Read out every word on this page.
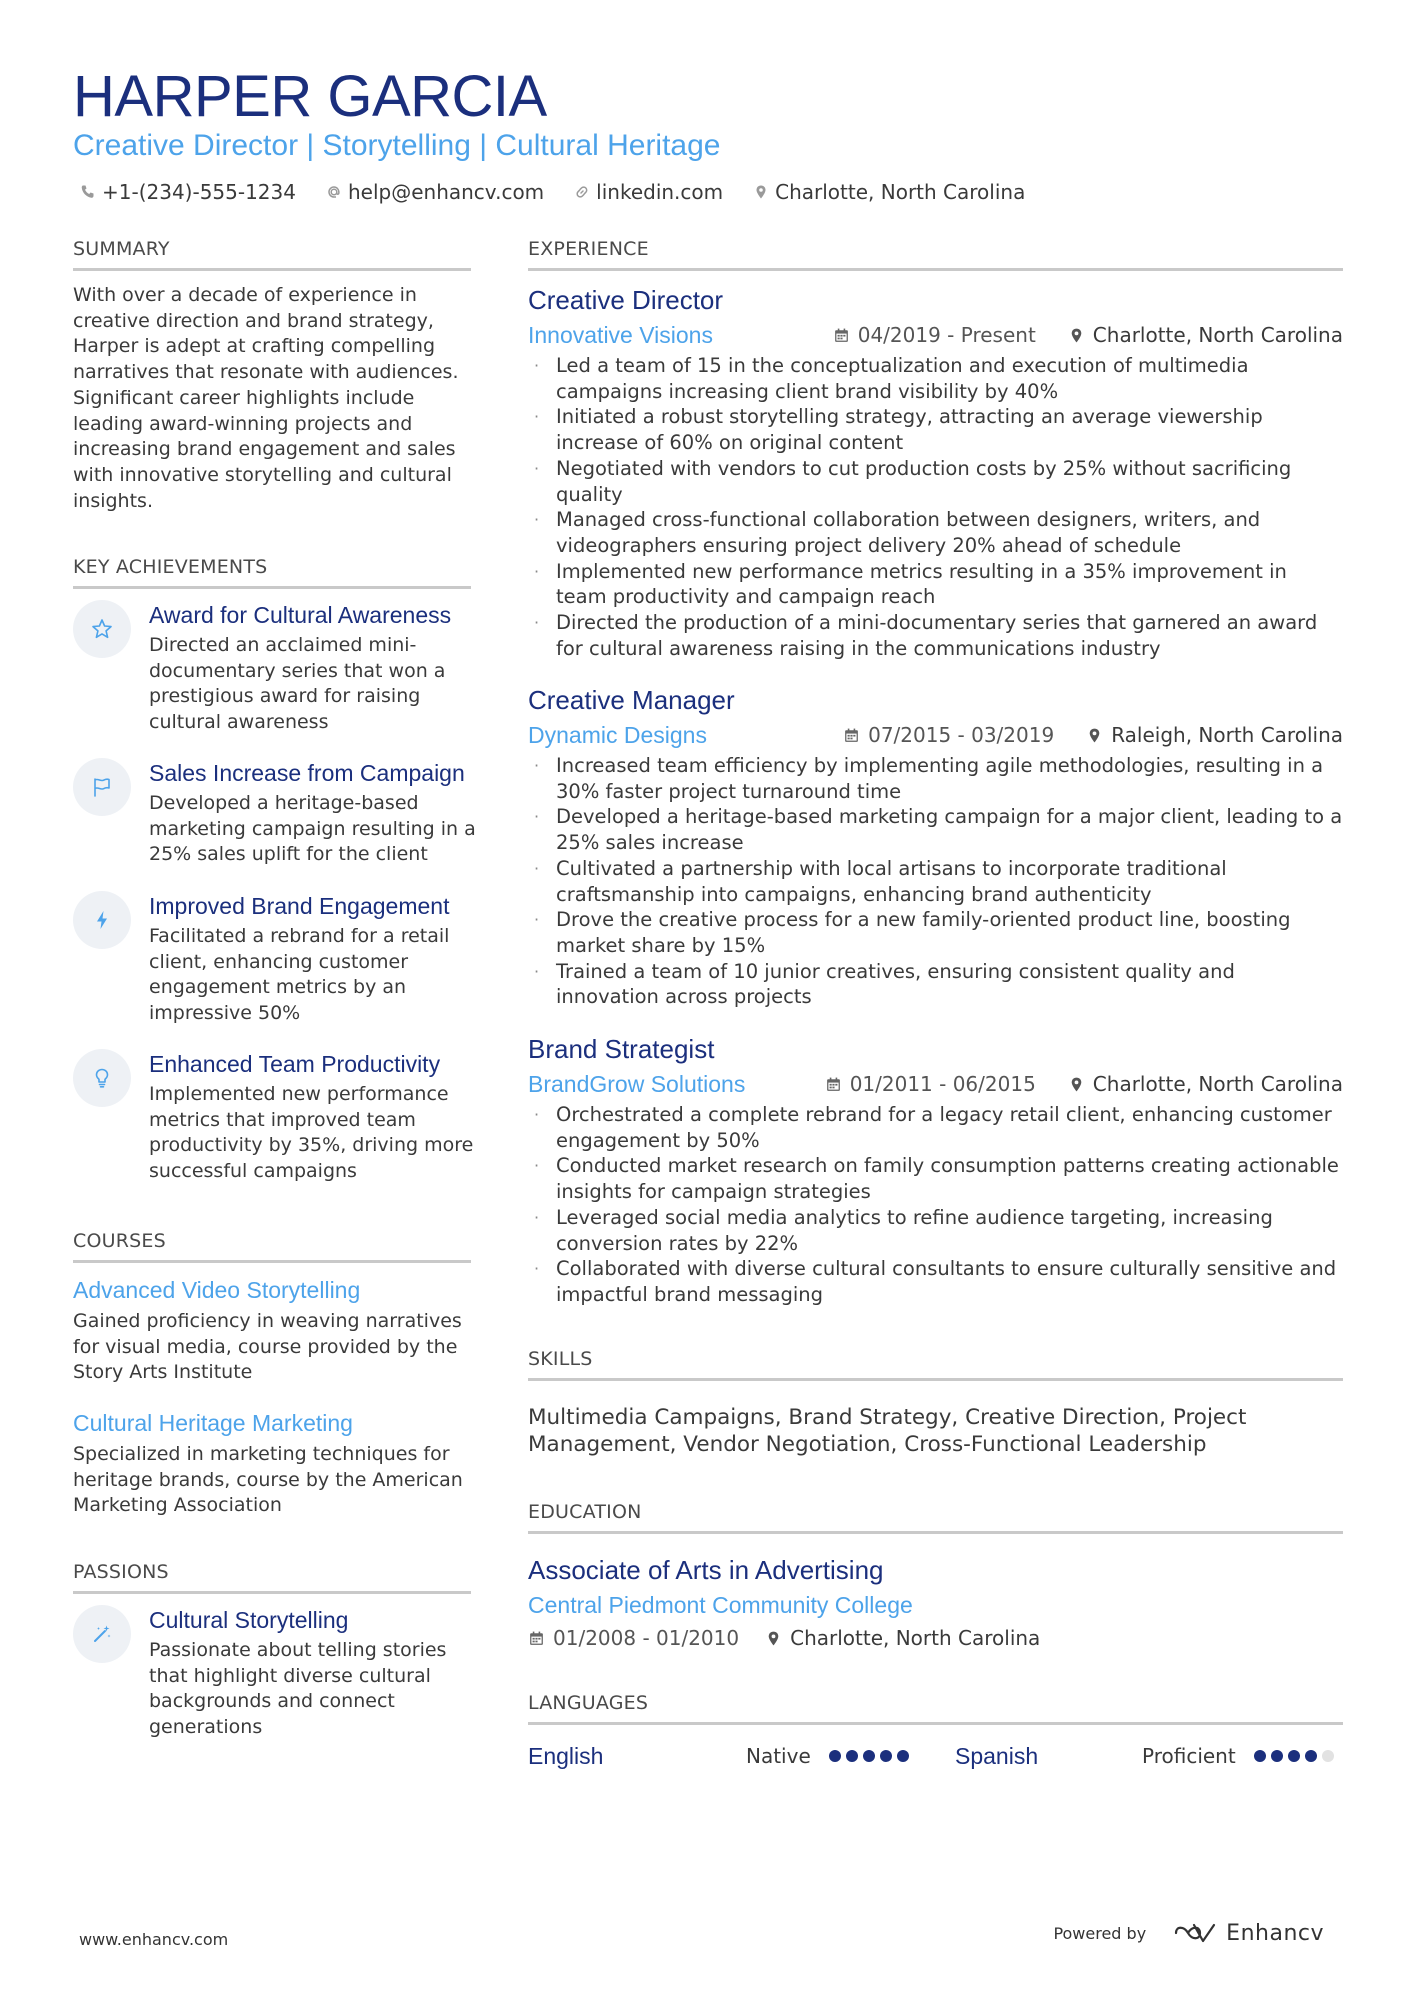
HARPER GARCIA
Creative Director | Storytelling | Cultural Heritage
+1-(234)-555-1234	help@enhancv.com	linkedin.com	Charlotte, North Carolina
SUMMARY
With over a decade of experience in creative direction and brand strategy, Harper is adept at crafting compelling narratives that resonate with audiences. Significant career highlights include leading award-winning projects and increasing brand engagement and sales with innovative storytelling and cultural insights.
KEY ACHIEVEMENTS
Award for Cultural Awareness
Directed an acclaimed mini-documentary series that won a prestigious award for raising cultural awareness
Sales Increase from Campaign
Developed a heritage-based marketing campaign resulting in a 25% sales uplift for the client
Improved Brand Engagement
Facilitated a rebrand for a retail client, enhancing customer engagement metrics by an impressive 50%
Enhanced Team Productivity
Implemented new performance metrics that improved team productivity by 35%, driving more successful campaigns
COURSES
Advanced Video Storytelling
Gained proficiency in weaving narratives for visual media, course provided by the Story Arts Institute
Cultural Heritage Marketing
Specialized in marketing techniques for heritage brands, course by the American Marketing Association
PASSIONS
Cultural Storytelling
Passionate about telling stories that highlight diverse cultural backgrounds and connect generations
EXPERIENCE
Creative Director
Innovative Visions	04/2019 - Present	Charlotte, North Carolina
· Led a team of 15 in the conceptualization and execution of multimedia campaigns increasing client brand visibility by 40%
· Initiated a robust storytelling strategy, attracting an average viewership increase of 60% on original content
· Negotiated with vendors to cut production costs by 25% without sacrificing quality
· Managed cross-functional collaboration between designers, writers, and videographers ensuring project delivery 20% ahead of schedule
· Implemented new performance metrics resulting in a 35% improvement in team productivity and campaign reach
· Directed the production of a mini-documentary series that garnered an award for cultural awareness raising in the communications industry
Creative Manager
Dynamic Designs	07/2015 - 03/2019	Raleigh, North Carolina
· Increased team efficiency by implementing agile methodologies, resulting in a 30% faster project turnaround time
· Developed a heritage-based marketing campaign for a major client, leading to a 25% sales increase
· Cultivated a partnership with local artisans to incorporate traditional craftsmanship into campaigns, enhancing brand authenticity
· Drove the creative process for a new family-oriented product line, boosting market share by 15%
· Trained a team of 10 junior creatives, ensuring consistent quality and innovation across projects
Brand Strategist
BrandGrow Solutions	01/2011 - 06/2015	Charlotte, North Carolina
· Orchestrated a complete rebrand for a legacy retail client, enhancing customer engagement by 50%
· Conducted market research on family consumption patterns creating actionable insights for campaign strategies
· Leveraged social media analytics to refine audience targeting, increasing conversion rates by 22%
· Collaborated with diverse cultural consultants to ensure culturally sensitive and impactful brand messaging
SKILLS
Multimedia Campaigns, Brand Strategy, Creative Direction, Project Management, Vendor Negotiation, Cross-Functional Leadership
EDUCATION
Associate of Arts in Advertising
Central Piedmont Community College
01/2008 - 01/2010	Charlotte, North Carolina
LANGUAGES
English	Native	Spanish	Proficient
www.enhancv.com	Powered by	Enhancv
